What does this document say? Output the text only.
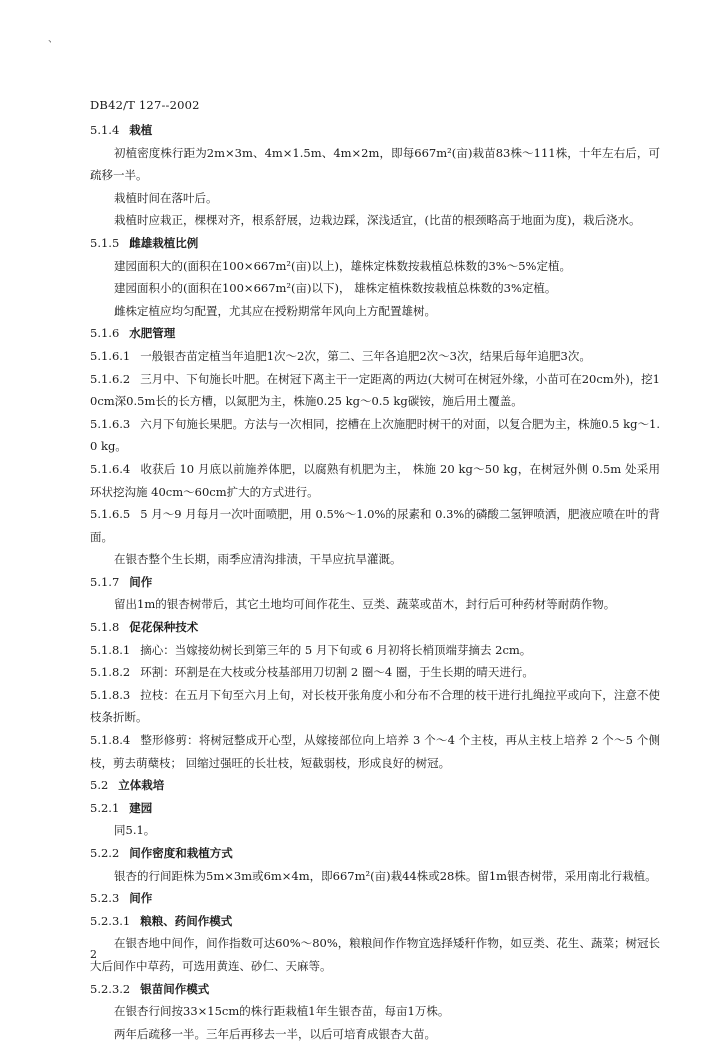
、
DB42/T 127--2002

5.1.4 栽植

初植密度株行距为2m×3m、4m×1.5m、4m×2m，即每667m²(亩)栽苗83株～111株，十年左右后，可疏移一半。

栽植时间在落叶后。

栽植时应栽正，棵棵对齐，根系舒展，边栽边踩，深浅适宜，(比苗的根颈略高于地面为度)，栽后浇水。

5.1.5 雌雄栽植比例

建园面积大的(面积在100×667m²(亩)以上)，雄株定株数按栽植总株数的3%～5%定植。

建园面积小的(面积在100×667m²(亩)以下)， 雄株定植株数按栽植总株数的3%定植。

雌株定植应均匀配置，尤其应在授粉期常年风向上方配置雄树。

5.1.6 水肥管理

5.1.6.1 一般银杏苗定植当年追肥1次～2次，第二、三年各追肥2次～3次，结果后每年追肥3次。

5.1.6.2 三月中、下旬施长叶肥。在树冠下离主干一定距离的两边(大树可在树冠外缘，小苗可在20cm外)，挖10cm深0.5m长的长方槽，以氮肥为主，株施0.25 kg～0.5 kg碳铵，施后用土覆盖。

5.1.6.3 六月下旬施长果肥。方法与一次相同，挖槽在上次施肥时树干的对面，以复合肥为主，株施0.5 kg～1.0 kg。

5.1.6.4 收获后 10 月底以前施养体肥，以腐熟有机肥为主， 株施 20 kg～50 kg，在树冠外侧 0.5m 处采用环状挖沟施 40cm～60cm扩大的方式进行。

5.1.6.5 5 月～9 月每月一次叶面喷肥，用 0.5%～1.0%的尿素和 0.3%的磷酸二氢钾喷洒，肥液应喷在叶的背面。

在银杏整个生长期，雨季应清沟排渍，干旱应抗旱灌溉。

5.1.7 间作

留出1m的银杏树带后，其它土地均可间作花生、豆类、蔬菜或苗木，封行后可种药材等耐荫作物。

5.1.8 促花保种技术

5.1.8.1 摘心：当嫁接幼树长到第三年的 5 月下旬或 6 月初将长梢顶端芽摘去 2cm。

5.1.8.2 环割：环割是在大枝或分枝基部用刀切割 2 圈～4 圈，于生长期的晴天进行。

5.1.8.3 拉枝：在五月下旬至六月上旬，对长枝开张角度小和分布不合理的枝干进行扎绳拉平或向下，注意不使枝条折断。

5.1.8.4 整形修剪：将树冠整成开心型，从嫁接部位向上培养 3 个～4 个主枝，再从主枝上培养 2 个～5 个侧枝，剪去萌蘖枝； 回缩过强旺的长壮枝，短截弱枝，形成良好的树冠。

5.2 立体栽培

5.2.1 建园

同5.1。

5.2.2 间作密度和栽植方式

银杏的行间距株为5m×3m或6m×4m，即667m²(亩)栽44株或28株。留1m银杏树带，采用南北行栽植。

5.2.3 间作

5.2.3.1 粮粮、药间作模式

在银杏地中间作，间作指数可达60%～80%，粮粮间作作物宜选择矮秆作物，如豆类、花生、蔬菜；树冠长大后间作中草药，可选用黄连、砂仁、天麻等。

5.2.3.2 银苗间作模式

在银杏行间按33×15cm的株行距栽植1年生银杏苗，每亩1万株。

两年后疏移一半。三年后再移去一半，以后可培育成银杏大苗。

2
